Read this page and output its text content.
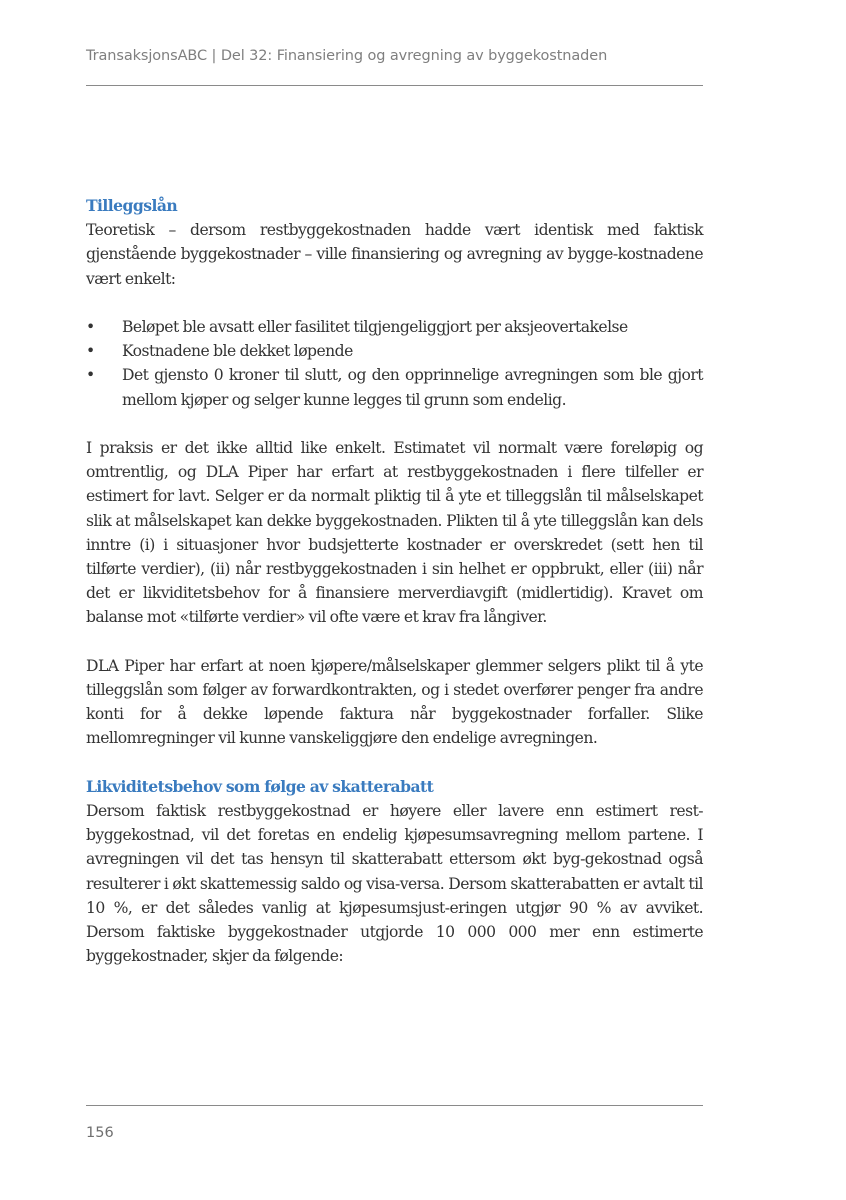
TransaksjonsABC | Del 32: Finansiering og avregning av byggekostnaden
Tilleggslån

Teoretisk – dersom restbyggekostnaden hadde vært identisk med faktisk gjenstående byggekostnader – ville finansiering og avregning av bygge-kostnadene vært enkelt:

• Beløpet ble avsatt eller fasilitet tilgjengeliggjort per aksjeovertakelse
• Kostnadene ble dekket løpende
• Det gjensto 0 kroner til slutt, og den opprinnelige avregningen som ble gjort mellom kjøper og selger kunne legges til grunn som endelig.

I praksis er det ikke alltid like enkelt. Estimatet vil normalt være foreløpig og omtrentlig, og DLA Piper har erfart at restbyggekostnaden i flere tilfeller er estimert for lavt. Selger er da normalt pliktig til å yte et tilleggslån til målselskapet slik at målselskapet kan dekke byggekostnaden. Plikten til å yte tilleggslån kan dels inntre (i) i situasjoner hvor budsjetterte kostnader er overskredet (sett hen til tilførte verdier), (ii) når restbyggekostnaden i sin helhet er oppbrukt, eller (iii) når det er likviditetsbehov for å finansiere merverdiavgift (midlertidig). Kravet om balanse mot «tilførte verdier» vil ofte være et krav fra långiver.

DLA Piper har erfart at noen kjøpere/målselskaper glemmer selgers plikt til å yte tilleggslån som følger av forwardkontrakten, og i stedet overfører penger fra andre konti for å dekke løpende faktura når byggekostnader forfaller. Slike mellomregninger vil kunne vanskeliggjøre den endelige avregningen.

Likviditetsbehov som følge av skatterabatt

Dersom faktisk restbyggekostnad er høyere eller lavere enn estimert rest-byggekostnad, vil det foretas en endelig kjøpesumsavregning mellom partene. I avregningen vil det tas hensyn til skatterabatt ettersom økt byg-gekostnad også resulterer i økt skattemessig saldo og visa-versa. Dersom skatterabatten er avtalt til 10 %, er det således vanlig at kjøpesumsjust-eringen utgjør 90 % av avviket. Dersom faktiske byggekostnader utgjorde 10 000 000 mer enn estimerte byggekostnader, skjer da følgende:

156
